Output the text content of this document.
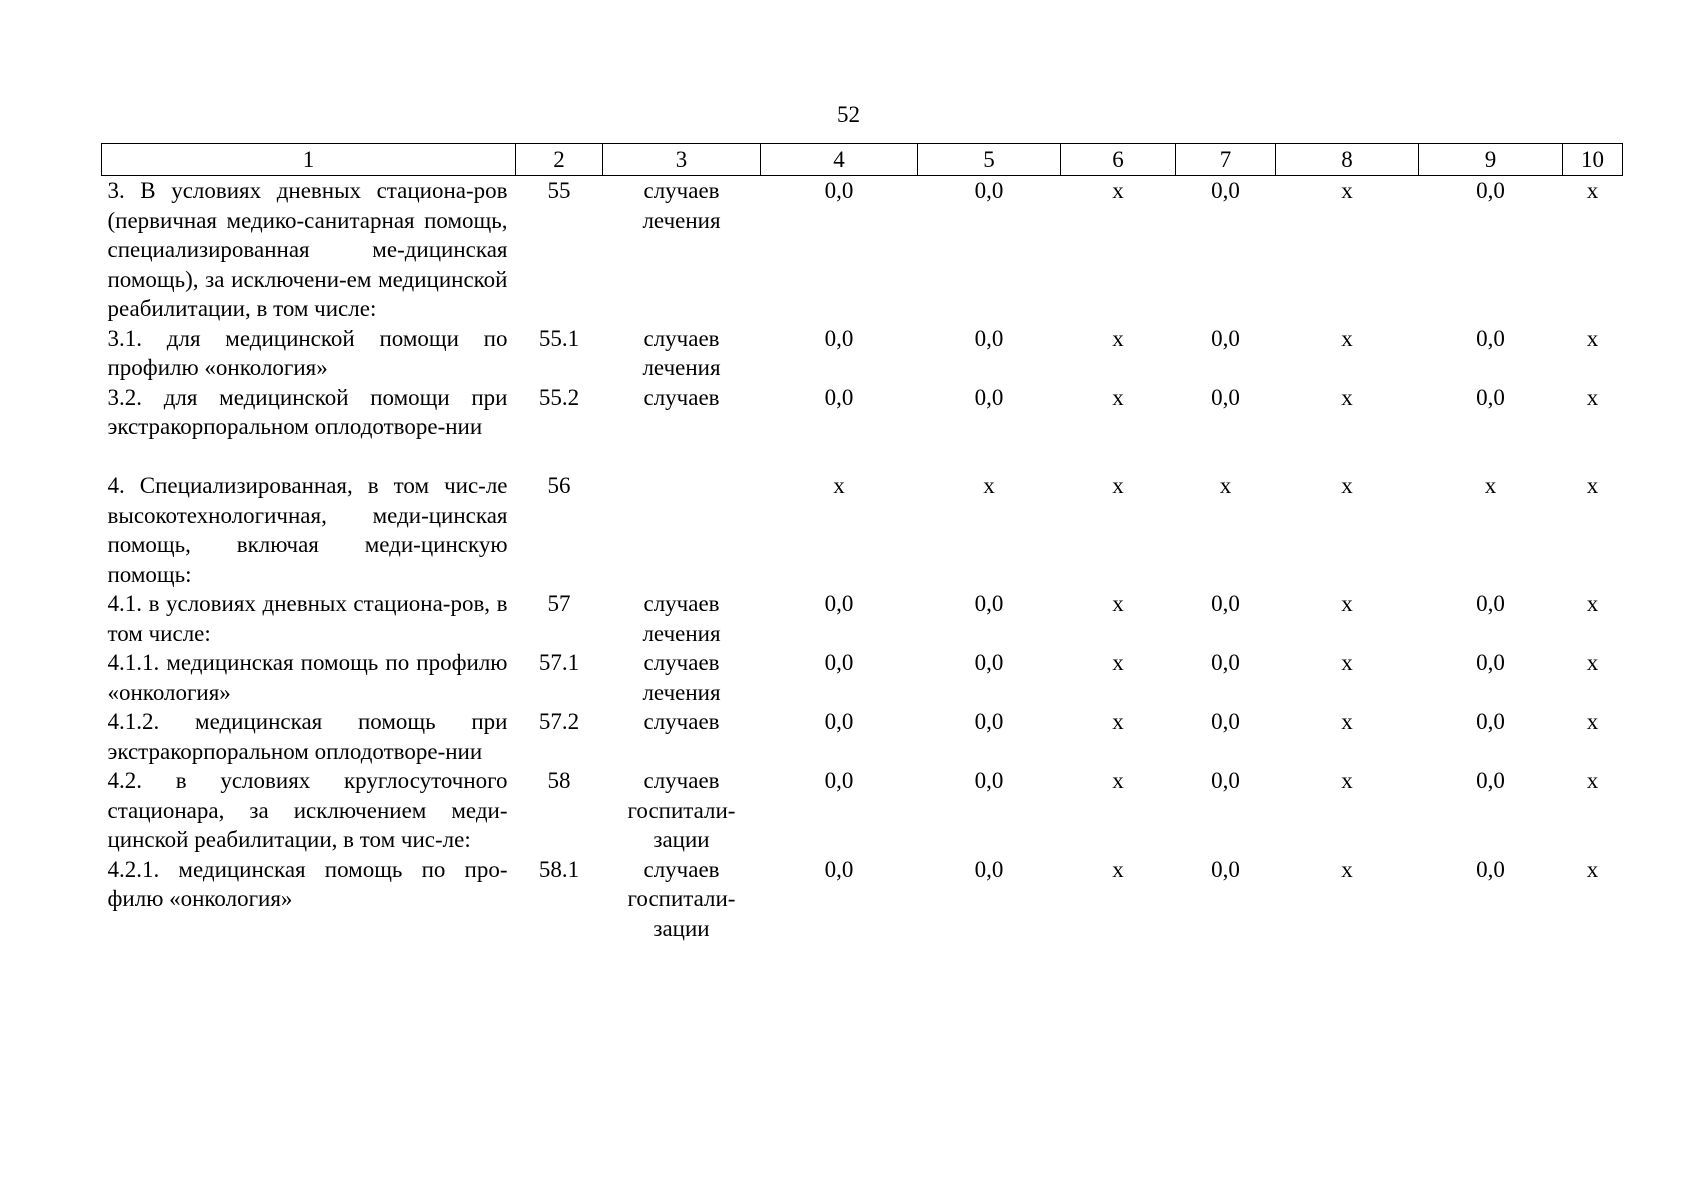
52
1	2	3	4	5	6	7	8	9	10

3. В условиях дневных стациона-ров (первичная медико-санитарная помощь, специализированная ме-дицинская помощь), за исключени-ем медицинской реабилитации, в том числе:	55	случаев лечения	0,0	0,0	x	0,0	x	0,0	x

3.1. для медицинской помощи по профилю «онкология»	55.1	случаев лечения	0,0	0,0	x	0,0	x	0,0	x

3.2. для медицинской помощи при экстракорпоральном оплодотворе-нии	55.2	случаев	0,0	0,0	x	0,0	x	0,0	x

4. Специализированная, в том чис-ле высокотехнологичная, меди-цинская помощь, включая меди-цинскую помощь:	56		x	x	x	x	x	x	x

4.1. в условиях дневных стациона-ров, в том числе:	57	случаев лечения	0,0	0,0	x	0,0	x	0,0	x

4.1.1. медицинская помощь по профилю «онкология»	57.1	случаев лечения	0,0	0,0	x	0,0	x	0,0	x

4.1.2. медицинская помощь при экстракорпоральном оплодотворе-нии	57.2	случаев	0,0	0,0	x	0,0	x	0,0	x

4.2. в условиях круглосуточного стационара, за исключением меди-цинской реабилитации, в том чис-ле:	58	случаев госпитали-зации	0,0	0,0	x	0,0	x	0,0	x

4.2.1. медицинская помощь по про-филю «онкология»	58.1	случаев госпитали-зации	0,0	0,0	x	0,0	x	0,0	x
